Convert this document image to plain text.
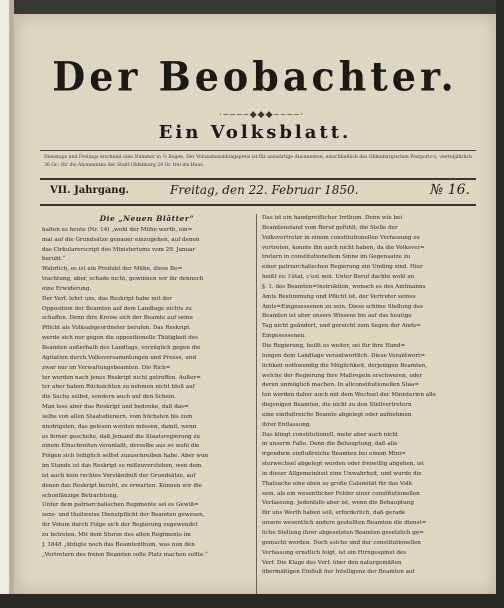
Der Beobachter.
·‒‒‒‒◆◆◆‒‒‒‒·
Ein Volksblatt.
Dienstags und Freitags erscheint eine Nummer in ½ Bogen. Der Vorausbezahlungspreis ist für auswärtige Abonnenten, einschließlich des Oldenburgischen Postporto's, vierteljährlich 36 Gr.; für die Abonnenten der Stadt Oldenburg 24 Gr. frei ins Haus.
VII. Jahrgang.	Freitag, den 22. Februar 1850.	№ 16.
Die „Neuen Blätter“
halten es heute (Nr. 14) „wohl der Mühe werth, ein=
mal auf die Grundsätze genauer einzugehen, auf denen
das Cirkularerscript des Ministeriums vom 29. Januar
beruht.“
Wahrlich, es ist ein Produkt der Mühe, diese Be=
trachtung, aber, schade nicht, gewinnen wir ihr dennoch
eine Erwiderung.
Der Verf. lehrt uns, das Reskript habe mit der
Opposition der Beamten auf dem Landtage nichts zu
schaffen. Denn ihre Kreise sich der Beamte auf seine
Pflicht als Volksabgeordneter berufen. Das Reskript
werde sich nur gegen die oppositionelle Thätigkeit des
Beamten außerhalb des Landtags, vorzüglich gegen die
Agitation durch Volksversammlungen und Presse, und
zwar nur im Verwaltungsbeamten. Die Rich=
ter werden nach jenes Reskript nicht getroffen. Außer=
ter aber haben Rücksichten zu nehmen nicht bloß auf
die Sache selbst, sondern auch auf den Schein.
Man lese aber das Reskript und bedenke, daß das=
selbe von allen Staatsdienern, vom höchsten bis zum
niedrigsten, das gelesen werden müssen, damit, wenn
es ferner geschehe, daß Jemand die Staatsregierung zu
einem Einschreiten veranlaßt, derselbe aus so wohl die
Folgen sich lediglich selbst zuzuschreiben habe. Aber wun
im Stande ist das Reskript so mißzuverstehen, wen dem
ist auch kein rechtes Verständniß der Grundsätze, auf
denen das Reskript beruht, zu erwarten. Können wir die
schonfänzige Betrachtung.
Unter dem patriarchalischen Regimente sei es Gewiß=
sens- und theilweise Dienstpflicht der Beamten gewesen,
ihr Votum durch Folge sich der Regierung zugewendet
zu betreten. Mit dem Sturze des alten Regiments im
J. 1848 „übtigte noch das Beamtenthum, was nun den
„Vertretern des freien Beamten solle Platz machen sollte.“
Das ist ein handgreiflicher Irrthum. Denn wie bei
Beamtenstand vom Beruf gefühlt, die Stelle der
Volksvertreter in einem constitutionellen Verfassung zu
vertreten, konnte ihn auch nicht haben, da die Volksver=
tretern in constitutionellem Sinne im Gegensatze zu
einer patriarchalischen Regierung ein Unding sind. Hier
heißt es: l'état, c'est moi. Unter Beruf dachte wohl an
§. 1. des Beamten=Instruktion, wonach es des Amtmanns
Amts Bestimmung und Pflicht ist, der Vertreter seines
Amts=Eingesessenen zu sein. Diese schöne Stellung des
Beamten ist aber unsers Wissens bis auf das heutige
Tag nicht geändert, und gereicht zum Segen der Amts=
Eingesessenen.
Die Regierung, heißt es weiter, sei für ihre Hand=
lungen dem Landtage verantwortlich. Diese Verantwort=
lichkeit nothwendig die Möglichkeit, derjenigen Beamten,
welche der Regierung ihre Maßregeln erschweren, oder
deren unmöglich machen. In allconstitutionellen Staa=
ten werden daher auch mit dem Wechsel der Ministerien alle
diejenigen Beamten, die nicht zu den Stellvertretern
eine einflußreiche Beamte abgelegt oder aufnehmen
ihrer Entlassung.
Das klingt constitutionell, mehr aber auch nicht
in unserm Falle. Denn die Behauptung, daß alle
irgendwie einflußreiche Beamten bei einem Mini=
sterwechsel abgelegt werden oder freiwillig abgehen, ist
in dieser Allgemeinheit eine Unwahrheit, und wurde die
Thatsache eine eben so große Calamität für das Volk
sein, als ein wesentlicher Fehler einer constitutionellen
Verfassung. Jedenfalls aber ist, wenn die Behauptung
für uns Werth haben soll, erforderlich, daß gerade
unsere wesentlich andere gestellten Beamten die dienst=
liche Stellung ihrer abgesetzten Beamten gesetzlich ge=
gemacht werden. Doch solche und der constitutionellen
Verfassung ernstlich folgt, ist ein Hirngespinst des
Verf. Die Klage des Verf. über den naturgemäßen
übermäßigen Einfluß der Intelligenz der Beamten auf
